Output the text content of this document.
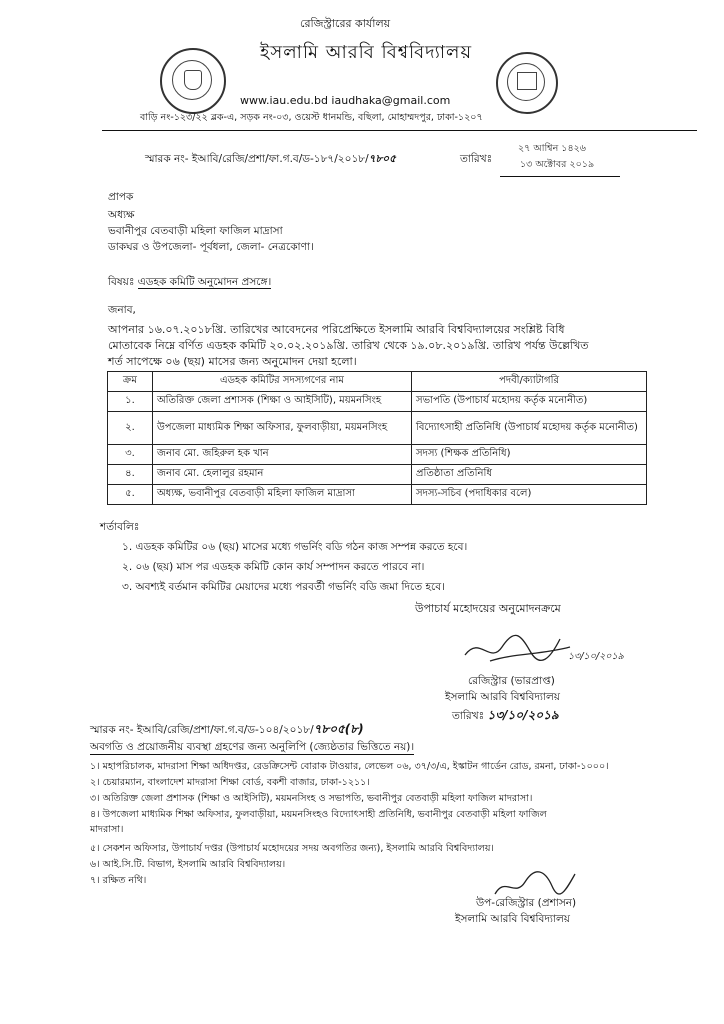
রেজিস্ট্রারের কার্যালয়
ইসলামি আরবি বিশ্ববিদ্যালয়
www.iau.edu.bd iaudhaka@gmail.com
বাড়ি নং-১২৩/২২ ব্লক-এ, সড়ক নং-০৩, ওয়েস্ট ধানমন্ডি, বছিলা, মোহাম্মদপুর, ঢাকা-১২০৭
স্মারক নং- ইআবি/রেজি/প্রশা/ফা.গ.ব/ড-১৮৭/২০১৮/৭৮০৫	তারিখঃ
২৭ আশ্বিন ১৪২৬
১৩ অক্টোবর ২০১৯
প্রাপক
অধ্যক্ষ
ভবানীপুর বেতবাড়ী মহিলা ফাজিল মাদ্রাসা
ডাকঘর ও উপজেলা- পূর্বধলা, জেলা- নেত্রকোণা।
বিষয়ঃ এডহক কমিটি অনুমোদন প্রসঙ্গে।
জনাব,
আপনার ১৬.০৭.২০১৮খ্রি. তারিখের আবেদনের পরিপ্রেক্ষিতে ইসলামি আরবি বিশ্ববিদ্যালয়ের সংশ্লিষ্ট বিধি
মোতাবেক নিম্নে বর্ণিত এডহক কমিটি ২০.০২.২০১৯খ্রি. তারিখ থেকে ১৯.০৮.২০১৯খ্রি. তারিখ পর্যন্ত উল্লেখিত
শর্ত সাপেক্ষে ০৬ (ছয়) মাসের জন্য অনুমোদন দেয়া হলো।
ক্রম	এডহক কমিটির সদস্যগণের নাম	পদবী/ক্যাটাগরি
১.	অতিরিক্ত জেলা প্রশাসক (শিক্ষা ও আইসিটি), ময়মনসিংহ	সভাপতি (উপাচার্য মহোদয় কর্তৃক মনোনীত)
২.	উপজেলা মাধ্যমিক শিক্ষা অফিসার, ফুলবাড়ীয়া, ময়মনসিংহ	বিদ্যোৎসাহী প্রতিনিধি (উপাচার্য মহোদয় কর্তৃক মনোনীত)
৩.	জনাব মো. জহিরুল হক খান	সদস্য (শিক্ষক প্রতিনিধি)
৪.	জনাব মো. হেলালুর রহমান	প্রতিষ্ঠাতা প্রতিনিধি
৫.	অধ্যক্ষ, ভবানীপুর বেতবাড়ী মহিলা ফাজিল মাদ্রাসা	সদস্য-সচিব (পদাধিকার বলে)
শর্তাবলিঃ
১. এডহক কমিটির ০৬ (ছয়) মাসের মধ্যে গভর্নিং বডি গঠন কাজ সম্পন্ন করতে হবে।
২. ০৬ (ছয়) মাস পর এডহক কমিটি কোন কার্য সম্পাদন করতে পারবে না।
৩. অবশ্যই বর্তমান কমিটির মেয়াদের মধ্যে পরবর্তী গভর্নিং বডি জমা দিতে হবে।
উপাচার্য মহোদয়ের অনুমোদনক্রমে
১৩/১০/২০১৯
রেজিস্ট্রার (ভারপ্রাপ্ত)
ইসলামি আরবি বিশ্ববিদ্যালয়
তারিখঃ ১৩/১০/২০১৯
স্মারক নং- ইআবি/রেজি/প্রশা/ফা.গ.ব/ড-১০৪/২০১৮/৭৮০৫(৮)
অবগতি ও প্রয়োজনীয় ব্যবস্থা গ্রহণের জন্য অনুলিপি (জ্যেষ্ঠতার ভিত্তিতে নয়)।
১। মহাপরিচালক, মাদরাসা শিক্ষা অধিদপ্তর, রেডক্রিসেন্ট বোরাক টাওয়ার, লেভেল ০৬, ৩৭/৩/এ, ইস্কাটন গার্ডেন রোড, রমনা, ঢাকা-১০০০।
২। চেয়ারম্যান, বাংলাদেশ মাদরাসা শিক্ষা বোর্ড, বকশী বাজার, ঢাকা-১২১১।
৩। অতিরিক্ত জেলা প্রশাসক (শিক্ষা ও আইসিটি), ময়মনসিংহ ও সভাপতি, ভবানীপুর বেতবাড়ী মহিলা ফাজিল মাদরাসা।
৪। উপজেলা মাধ্যমিক শিক্ষা অফিসার, ফুলবাড়ীয়া, ময়মনসিংহও বিদ্যোৎসাহী প্রতিনিধি, ভবানীপুর বেতবাড়ী মহিলা ফাজিল
মাদরাসা।
৫। সেকশন অফিসার, উপাচার্য দপ্তর (উপাচার্য মহোদয়ের সদয় অবগতির জন্য), ইসলামি আরবি বিশ্ববিদ্যালয়।
৬। আই.সি.টি. বিভাগ, ইসলামি আরবি বিশ্ববিদ্যালয়।
৭। রক্ষিত নথি।
উপ-রেজিস্ট্রার (প্রশাসন)
ইসলামি আরবি বিশ্ববিদ্যালয়
